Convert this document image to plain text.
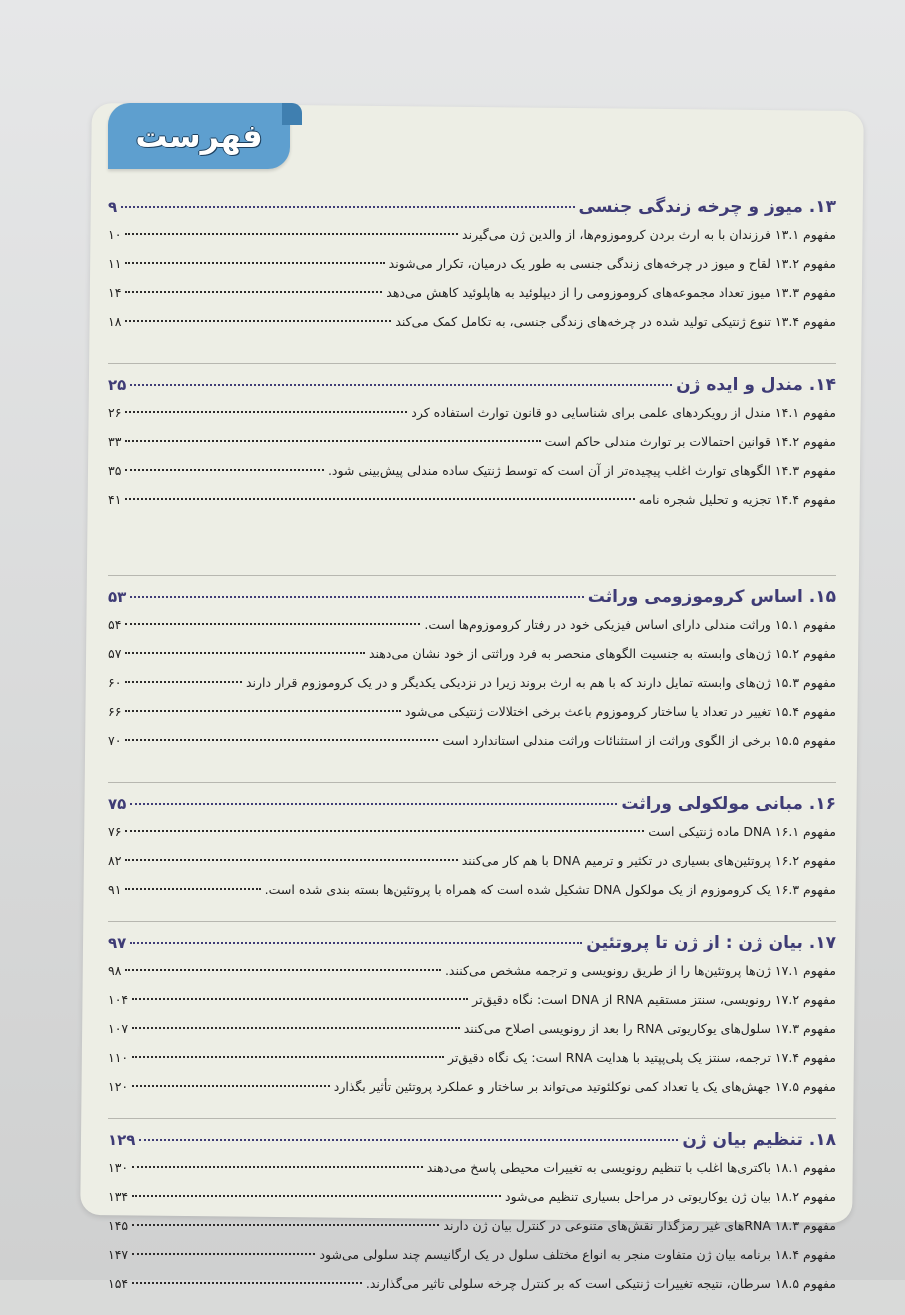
فهرست
۱۳. میوز و چرخه زندگی جنسی
۹
مفهوم ۱۳.۱ فرزندان با به ارث بردن کروموزوم‌ها، از والدین ژن می‌گیرند
۱۰
مفهوم ۱۳.۲ لقاح و میوز در چرخه‌های زندگی جنسی به طور یک درمیان، تکرار می‌شوند
۱۱
مفهوم ۱۳.۳ میوز تعداد مجموعه‌های کروموزومی را از دیپلوئید به هاپلوئید کاهش می‌دهد
۱۴
مفهوم ۱۳.۴ تنوع ژنتیکی تولید شده در چرخه‌های زندگی جنسی، به تکامل کمک می‌کند
۱۸
۱۴. مندل و ایده ژن
۲۵
مفهوم ۱۴.۱ مندل از رویکردهای علمی برای شناسایی دو قانون توارث استفاده کرد
۲۶
مفهوم ۱۴.۲ قوانین احتمالات بر توارث مندلی حاکم است
۳۳
مفهوم ۱۴.۳ الگوهای توارث اغلب پیچیده‌تر از آن است که توسط ژنتیک ساده مندلی پیش‌بینی شود.
۳۵
مفهوم ۱۴.۴ تجزیه و تحلیل شجره نامه
۴۱
۱۵. اساس کروموزومی وراثت
۵۳
مفهوم ۱۵.۱ وراثت مندلی دارای اساس فیزیکی خود در رفتار کروموزوم‌ها است.
۵۴
مفهوم ۱۵.۲ ژن‌های وابسته به جنسیت الگوهای منحصر به فرد وراثتی از خود نشان می‌دهند
۵۷
مفهوم ۱۵.۳ ژن‌های وابسته تمایل دارند که با هم به ارث بروند زیرا در نزدیکی یکدیگر و در یک کروموزوم قرار دارند
۶۰
مفهوم ۱۵.۴ تغییر در تعداد یا ساختار کروموزوم باعث برخی اختلالات ژنتیکی می‌شود
۶۶
مفهوم ۱۵.۵ برخی از الگوی وراثت از استثنائات وراثت مندلی استاندارد است
۷۰
۱۶. مبانی مولکولی وراثت
۷۵
مفهوم ۱۶.۱ DNA ماده ژنتیکی است
۷۶
مفهوم ۱۶.۲ پروتئین‌های بسیاری در تکثیر و ترمیم DNA با هم کار می‌کنند
۸۲
مفهوم ۱۶.۳ یک کروموزوم از یک مولکول DNA تشکیل شده است که همراه با پروتئین‌ها بسته بندی شده است.
۹۱
۱۷. بیان ژن : از ژن تا پروتئین
۹۷
مفهوم ۱۷.۱ ژن‌ها پروتئین‌ها را از طریق رونویسی و ترجمه مشخص می‌کنند.
۹۸
مفهوم ۱۷.۲ رونویسی، سنتز مستقیم RNA از DNA است: نگاه دقیق‌تر
۱۰۴
مفهوم ۱۷.۳ سلول‌های یوکاریوتی RNA را بعد از رونویسی اصلاح می‌کنند
۱۰۷
مفهوم ۱۷.۴ ترجمه، سنتز یک پلی‌پپتید با هدایت RNA است: یک نگاه دقیق‌تر
۱۱۰
مفهوم ۱۷.۵ جهش‌های یک یا تعداد کمی نوکلئوتید می‌تواند بر ساختار و عملکرد پروتئین تأثیر بگذارد
۱۲۰
۱۸. تنظیم بیان ژن
۱۲۹
مفهوم ۱۸.۱ باکتری‌ها اغلب با تنظیم رونویسی به تغییرات محیطی پاسخ می‌دهند
۱۳۰
مفهوم ۱۸.۲ بیان ژن یوکاریوتی در مراحل بسیاری تنظیم می‌شود
۱۳۴
مفهوم ۱۸.۳ RNAهای غیر رمزگذار نقش‌های متنوعی در کنترل بیان ژن دارند
۱۴۵
مفهوم ۱۸.۴ برنامه بیان ژن متفاوت منجر به انواع مختلف سلول در یک ارگانیسم چند سلولی می‌شود
۱۴۷
مفهوم ۱۸.۵ سرطان، نتیجه تغییرات ژنتیکی است که بر کنترل چرخه سلولی تاثیر می‌گذارند.
۱۵۴
